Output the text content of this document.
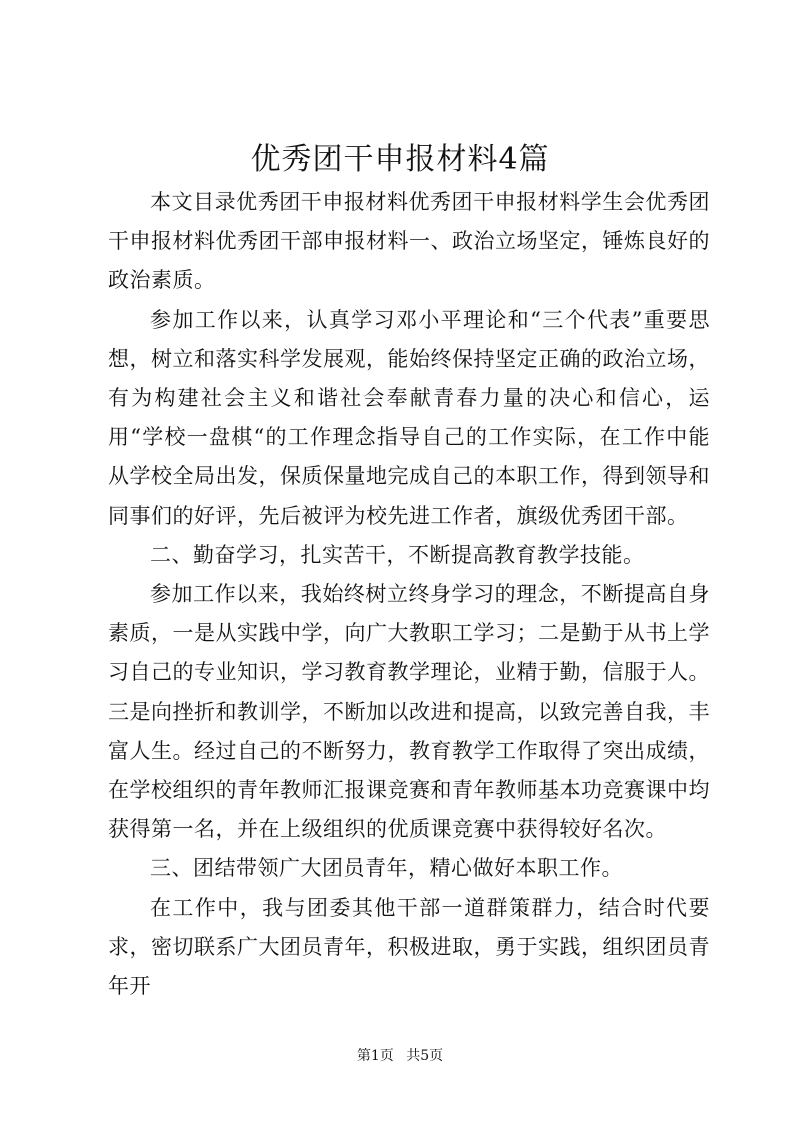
优秀团干申报材料4篇

本文目录优秀团干申报材料优秀团干申报材料学生会优秀团干申报材料优秀团干部申报材料一、政治立场坚定，锤炼良好的政治素质。

参加工作以来，认真学习邓小平理论和“三个代表”重要思想，树立和落实科学发展观，能始终保持坚定正确的政治立场，有为构建社会主义和谐社会奉献青春力量的决心和信心，运用“学校一盘棋“的工作理念指导自己的工作实际，在工作中能从学校全局出发，保质保量地完成自己的本职工作，得到领导和同事们的好评，先后被评为校先进工作者，旗级优秀团干部。

二、勤奋学习，扎实苦干，不断提高教育教学技能。

参加工作以来，我始终树立终身学习的理念，不断提高自身素质，一是从实践中学，向广大教职工学习；二是勤于从书上学习自己的专业知识，学习教育教学理论，业精于勤，信服于人。三是向挫折和教训学，不断加以改进和提高，以致完善自我，丰富人生。经过自己的不断努力，教育教学工作取得了突出成绩，在学校组织的青年教师汇报课竞赛和青年教师基本功竞赛课中均获得第一名，并在上级组织的优质课竞赛中获得较好名次。

三、团结带领广大团员青年，精心做好本职工作。

在工作中，我与团委其他干部一道群策群力，结合时代要求，密切联系广大团员青年，积极进取，勇于实践，组织团员青年开

第1页 共5页
